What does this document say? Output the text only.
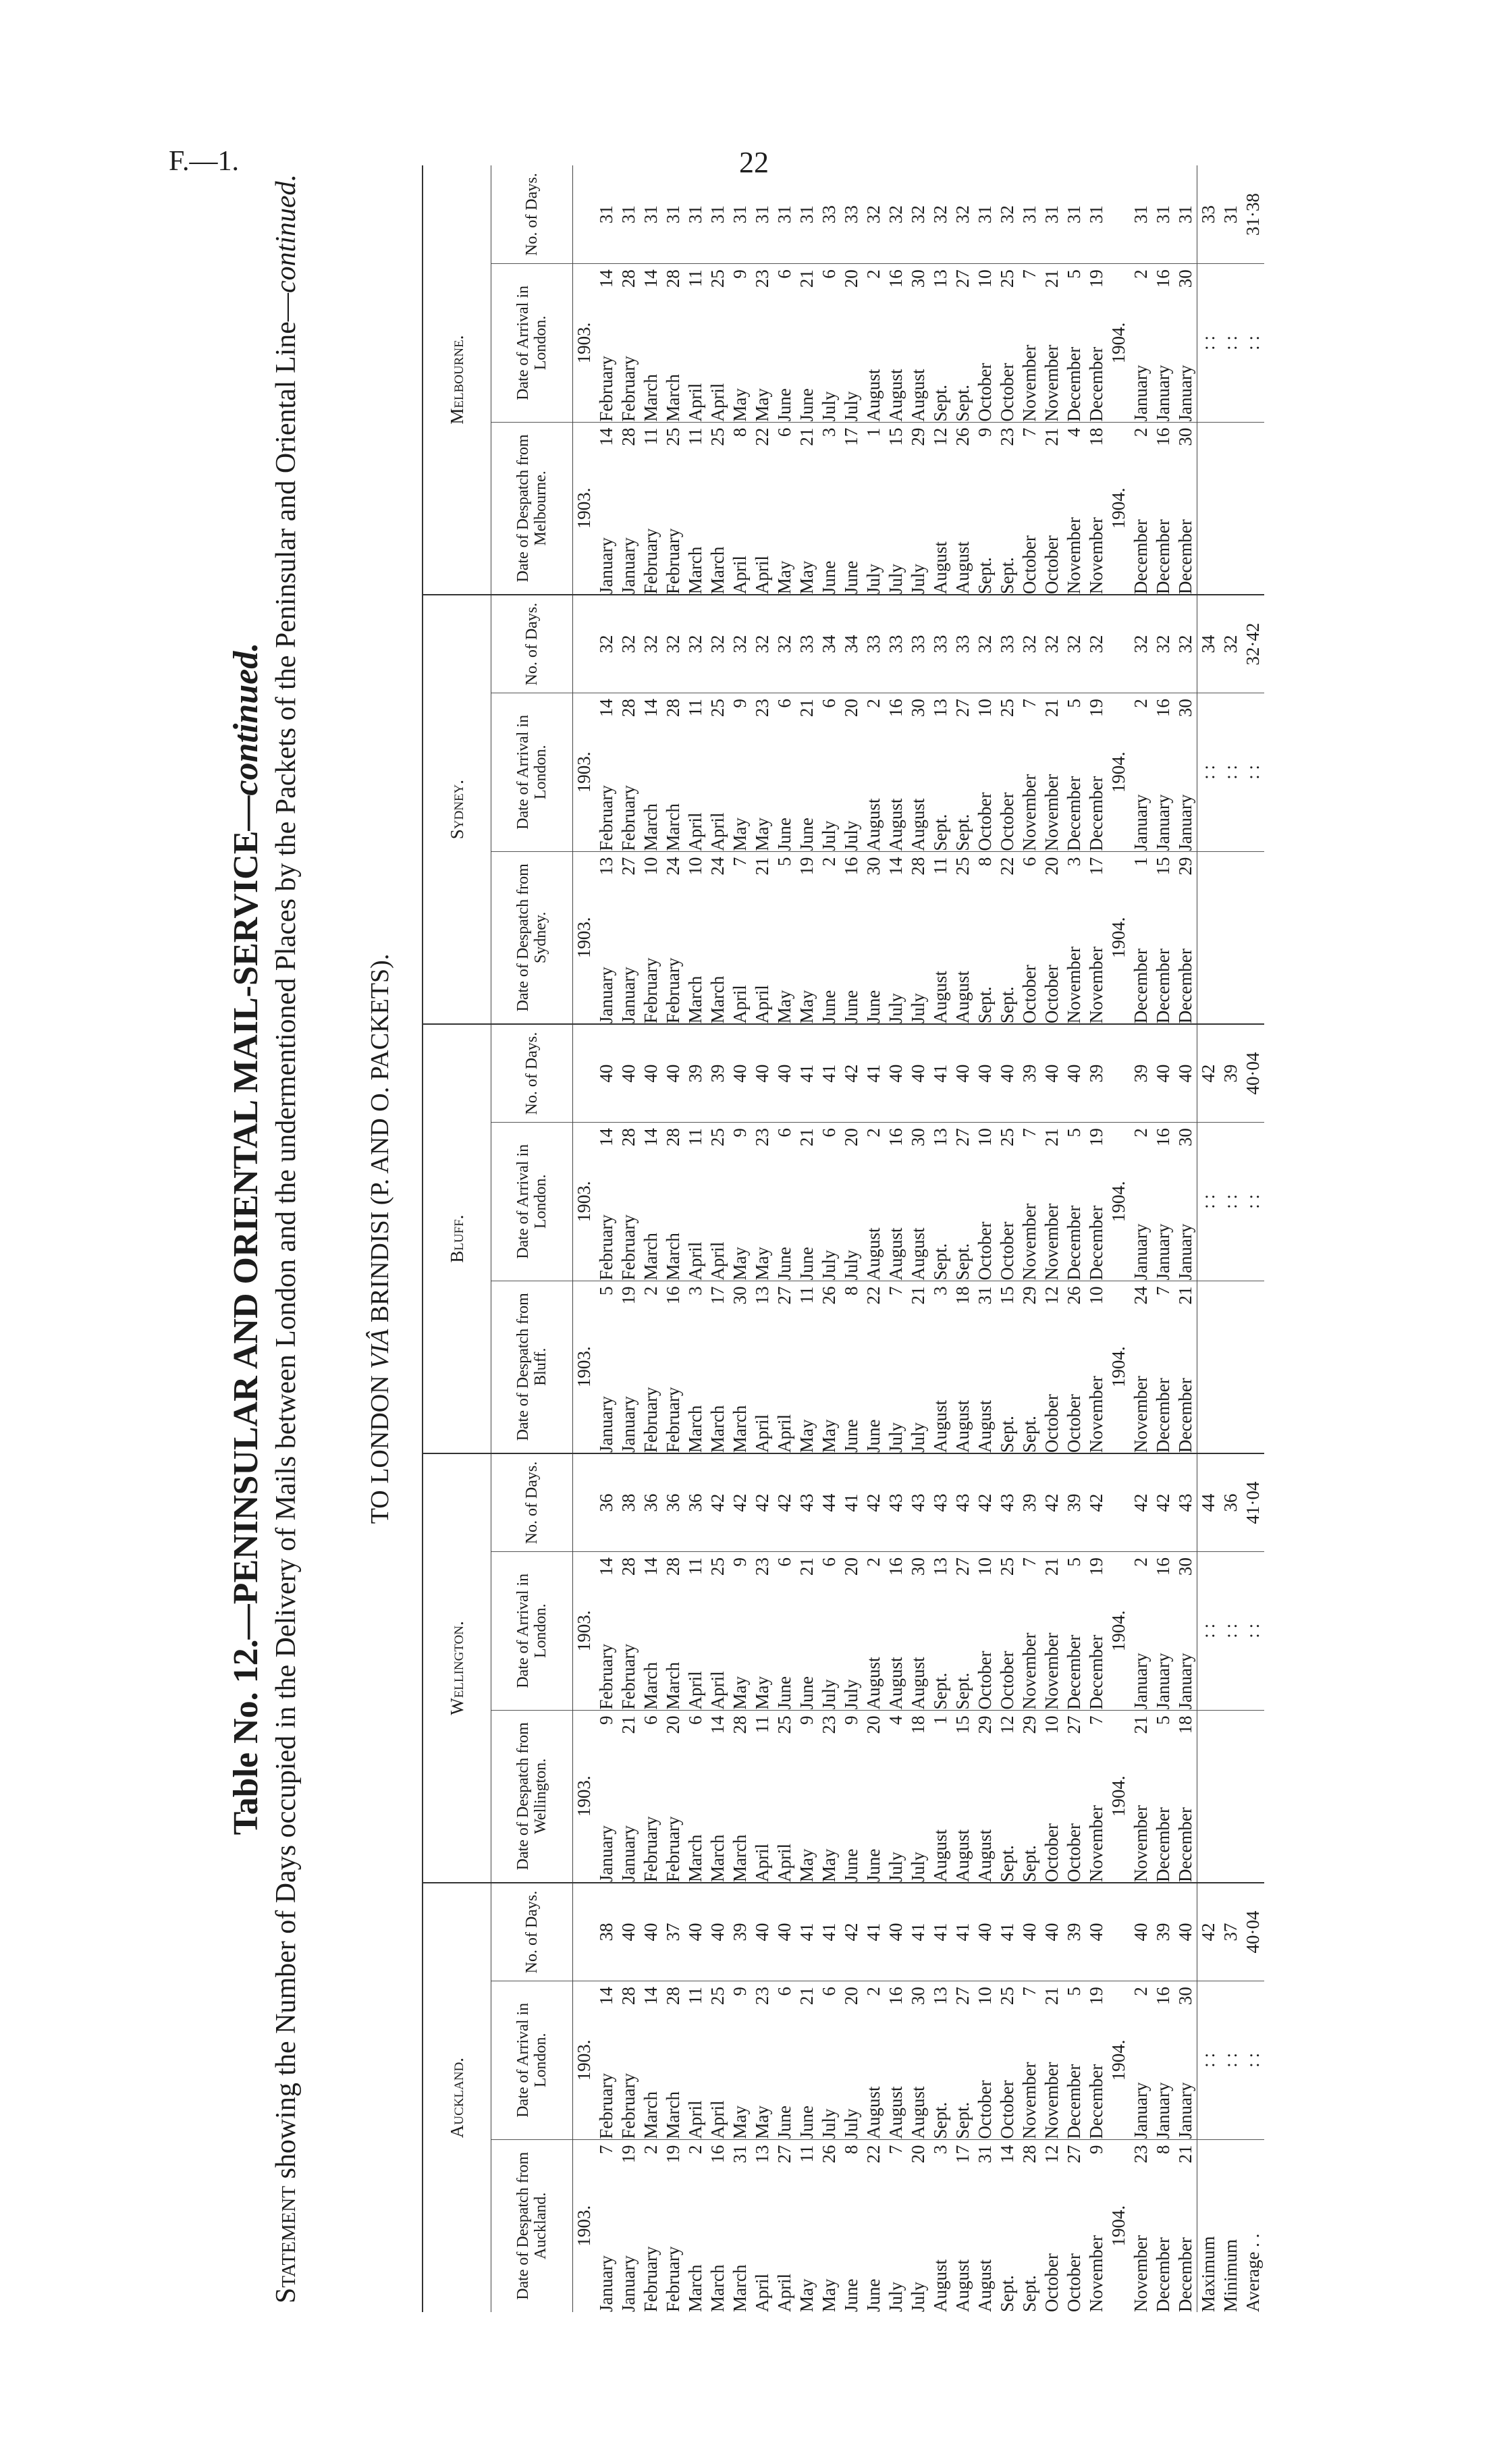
F.—1.	22
Table No. 12.—PENINSULAR AND ORIENTAL MAIL-SERVICE—continued.
Statement showing the Number of Days occupied in the Delivery of Mails between London and the undermentioned Places by the Packets of the Peninsular and Oriental Line—continued.
TO LONDON VIÂ BRINDISI (P. AND O. PACKETS).
Auckland.					Wellington.					Bluff.					Sydney.					Melbourne.				
Date of Despatch from Auckland.		Date of Arrival in London.		No. of Days.	Date of Despatch from Wellington.		Date of Arrival in London.		No. of Days.	Date of Despatch from Bluff.		Date of Arrival in London.		No. of Days.	Date of Despatch from Sydney.		Date of Arrival in London.		No. of Days.	Date of Despatch from Melbourne.		Date of Arrival in London.		No. of Days.
1903.		1903.			1903.		1903.			1903.		1903.			1903.		1903.			1903.		1903.		
January	7	February	14	38	January	9	February	14	36	January	5	February	14	40	January	13	February	14	32	January	14	February	14	31
January	19	February	28	40	January	21	February	28	38	January	19	February	28	40	January	27	February	28	32	January	28	February	28	31
February	2	March	14	40	February	6	March	14	36	February	2	March	14	40	February	10	March	14	32	February	11	March	14	31
February	19	March	28	37	February	20	March	28	36	February	16	March	28	40	February	24	March	28	32	February	25	March	28	31
March	2	April	11	40	March	6	April	11	36	March	3	April	11	39	March	10	April	11	32	March	11	April	11	31
March	16	April	25	40	March	14	April	25	42	March	17	April	25	39	March	24	April	25	32	March	25	April	25	31
March	31	May	9	39	March	28	May	9	42	March	30	May	9	40	April	7	May	9	32	April	8	May	9	31
April	13	May	23	40	April	11	May	23	42	April	13	May	23	40	April	21	May	23	32	April	22	May	23	31
April	27	June	6	40	April	25	June	6	42	April	27	June	6	40	May	5	June	6	32	May	6	June	6	31
May	11	June	21	41	May	9	June	21	43	May	11	June	21	41	May	19	June	21	33	May	21	June	21	31
May	26	July	6	41	May	23	July	6	44	May	26	July	6	41	June	2	July	6	34	June	3	July	6	33
June	8	July	20	42	June	9	July	20	41	June	8	July	20	42	June	16	July	20	34	June	17	July	20	33
June	22	August	2	41	June	20	August	2	42	June	22	August	2	41	June	30	August	2	33	July	1	August	2	32
July	7	August	16	40	July	4	August	16	43	July	7	August	16	40	July	14	August	16	33	July	15	August	16	32
July	20	August	30	41	July	18	August	30	43	July	21	August	30	40	July	28	August	30	33	July	29	August	30	32
August	3	Sept.	13	41	August	1	Sept.	13	43	August	3	Sept.	13	41	August	11	Sept.	13	33	August	12	Sept.	13	32
August	17	Sept.	27	41	August	15	Sept.	27	43	August	18	Sept.	27	40	August	25	Sept.	27	33	August	26	Sept.	27	32
August	31	October	10	40	August	29	October	10	42	August	31	October	10	40	Sept.	8	October	10	32	Sept.	9	October	10	31
Sept.	14	October	25	41	Sept.	12	October	25	43	Sept.	15	October	25	40	Sept.	22	October	25	33	Sept.	23	October	25	32
Sept.	28	November	7	40	Sept.	29	November	7	39	Sept.	29	November	7	39	October	6	November	7	32	October	7	November	7	31
October	12	November	21	40	October	10	November	21	42	October	12	November	21	40	October	20	November	21	32	October	21	November	21	31
October	27	December	5	39	October	27	December	5	39	October	26	December	5	40	November	3	December	5	32	November	4	December	5	31
November	9	December	19	40	November	7	December	19	42	November	10	December	19	39	November	17	December	19	32	November	18	December	19	31
1904.		1904.			1904.		1904.			1904.		1904.			1904.		1904.			1904.		1904.		
November	23	January	2	40	November	21	January	2	42	November	24	January	2	39	December	1	January	2	32	December	2	January	2	31
December	8	January	16	39	December	5	January	16	42	December	7	January	16	40	December	15	January	16	32	December	16	January	16	31
December	21	January	30	40	December	18	January	30	43	December	21	January	30	40	December	29	January	30	32	December	30	January	30	31
Maximum		: :		42			: :		44			: :		42			: :		34			: :		33
Minimum		: :		37			: :		36			: :		39			: :		32			: :		31
Average . .		: :		40·04			: :		41·04			: :		40·04			: :		32·42			: :		31·38
